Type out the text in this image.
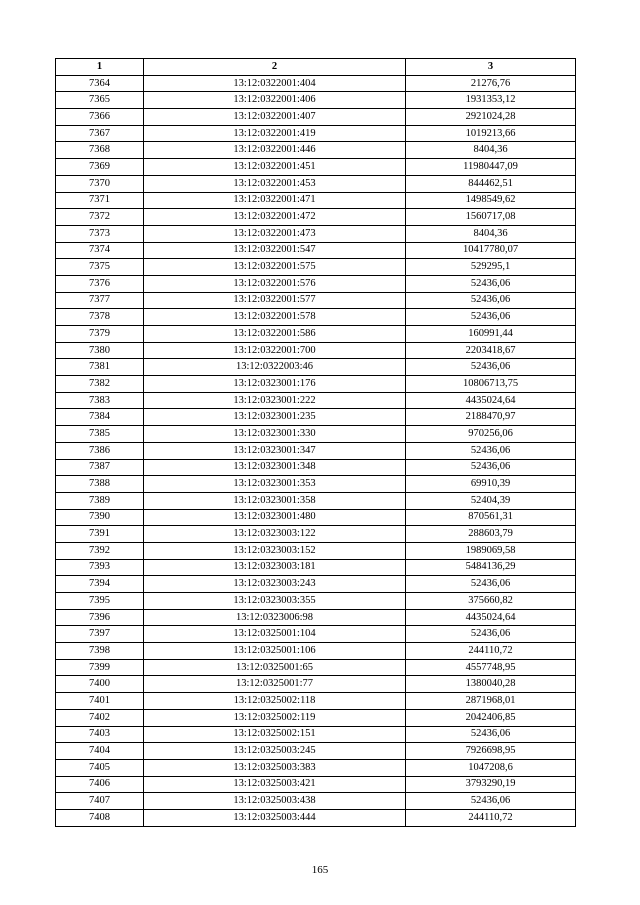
1	2	3
7364	13:12:0322001:404	21276,76
7365	13:12:0322001:406	1931353,12
7366	13:12:0322001:407	2921024,28
7367	13:12:0322001:419	1019213,66
7368	13:12:0322001:446	8404,36
7369	13:12:0322001:451	11980447,09
7370	13:12:0322001:453	844462,51
7371	13:12:0322001:471	1498549,62
7372	13:12:0322001:472	1560717,08
7373	13:12:0322001:473	8404,36
7374	13:12:0322001:547	10417780,07
7375	13:12:0322001:575	529295,1
7376	13:12:0322001:576	52436,06
7377	13:12:0322001:577	52436,06
7378	13:12:0322001:578	52436,06
7379	13:12:0322001:586	160991,44
7380	13:12:0322001:700	2203418,67
7381	13:12:0322003:46	52436,06
7382	13:12:0323001:176	10806713,75
7383	13:12:0323001:222	4435024,64
7384	13:12:0323001:235	2188470,97
7385	13:12:0323001:330	970256,06
7386	13:12:0323001:347	52436,06
7387	13:12:0323001:348	52436,06
7388	13:12:0323001:353	69910,39
7389	13:12:0323001:358	52404,39
7390	13:12:0323001:480	870561,31
7391	13:12:0323003:122	288603,79
7392	13:12:0323003:152	1989069,58
7393	13:12:0323003:181	5484136,29
7394	13:12:0323003:243	52436,06
7395	13:12:0323003:355	375660,82
7396	13:12:0323006:98	4435024,64
7397	13:12:0325001:104	52436,06
7398	13:12:0325001:106	244110,72
7399	13:12:0325001:65	4557748,95
7400	13:12:0325001:77	1380040,28
7401	13:12:0325002:118	2871968,01
7402	13:12:0325002:119	2042406,85
7403	13:12:0325002:151	52436,06
7404	13:12:0325003:245	7926698,95
7405	13:12:0325003:383	1047208,6
7406	13:12:0325003:421	3793290,19
7407	13:12:0325003:438	52436,06
7408	13:12:0325003:444	244110,72
165
